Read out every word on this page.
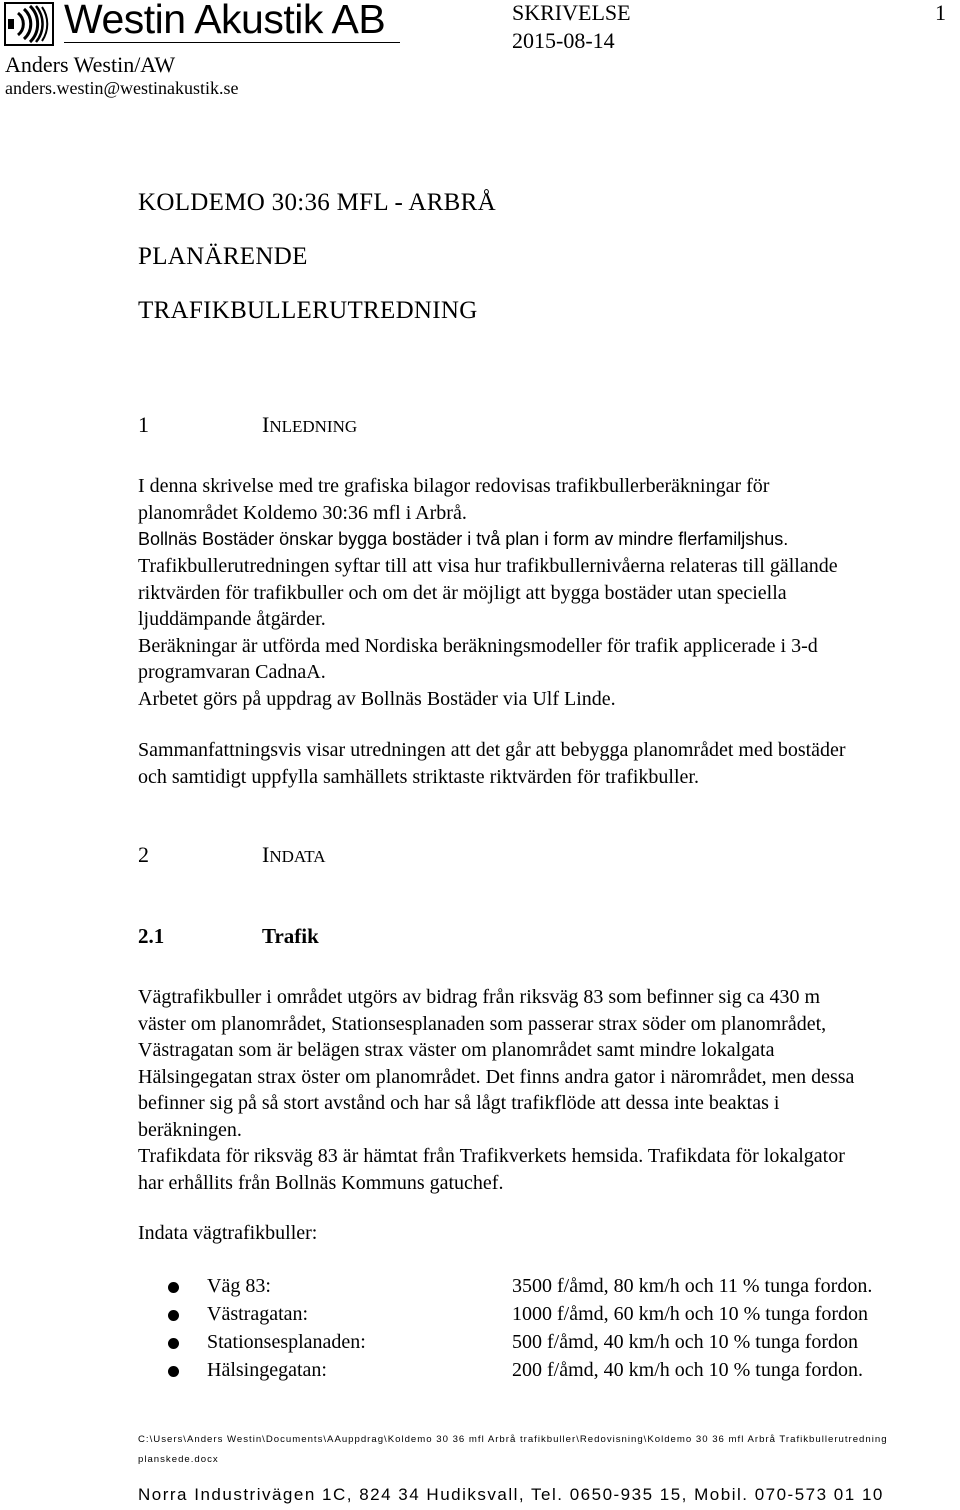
Westin Akustik AB
Anders Westin/AW
anders.westin@westinakustik.se
SKRIVELSE
2015-08-14
1
KOLDEMO 30:36 MFL - ARBRÅ
PLANÄRENDE
TRAFIKBULLERUTREDNING
1	INLEDNING
I denna skrivelse med tre grafiska bilagor redovisas trafikbullerberäkningar för
planområdet Koldemo 30:36 mfl i Arbrå.
Bollnäs Bostäder önskar bygga bostäder i två plan i form av mindre flerfamiljshus.
Trafikbullerutredningen syftar till att visa hur trafikbullernivåerna relateras till gällande
riktvärden för trafikbuller och om det är möjligt att bygga bostäder utan speciella
ljuddämpande åtgärder.
Beräkningar är utförda med Nordiska beräkningsmodeller för trafik applicerade i 3-d
programvaran CadnaA.
Arbetet görs på uppdrag av Bollnäs Bostäder via Ulf Linde.
Sammanfattningsvis visar utredningen att det går att bebygga planområdet med bostäder
och samtidigt uppfylla samhällets striktaste riktvärden för trafikbuller.
2	INDATA
2.1	Trafik
Vägtrafikbuller i området utgörs av bidrag från riksväg 83 som befinner sig ca 430 m
väster om planområdet, Stationsesplanaden som passerar strax söder om planområdet,
Västragatan som är belägen strax väster om planområdet samt mindre lokalgata
Hälsingegatan strax öster om planområdet. Det finns andra gator i närområdet, men dessa
befinner sig på så stort avstånd och har så lågt trafikflöde att dessa inte beaktas i
beräkningen.
Trafikdata för riksväg 83 är hämtat från Trafikverkets hemsida. Trafikdata för lokalgator
har erhållits från Bollnäs Kommuns gatuchef.
Indata vägtrafikbuller:
Väg 83:	3500 f/åmd, 80 km/h och 11 % tunga fordon.
Västragatan:	1000 f/åmd, 60 km/h och 10 % tunga fordon
Stationsesplanaden:	500 f/åmd, 40 km/h och 10 % tunga fordon
Hälsingegatan:	200 f/åmd, 40 km/h och 10 % tunga fordon.
C:\Users\Anders Westin\Documents\AAuppdrag\Koldemo 30 36 mfl Arbrå trafikbuller\Redovisning\Koldemo 30 36 mfl Arbrå Trafikbullerutredning
planskede.docx
Norra Industrivägen 1C, 824 34 Hudiksvall, Tel. 0650-935 15, Mobil. 070-573 01 10
